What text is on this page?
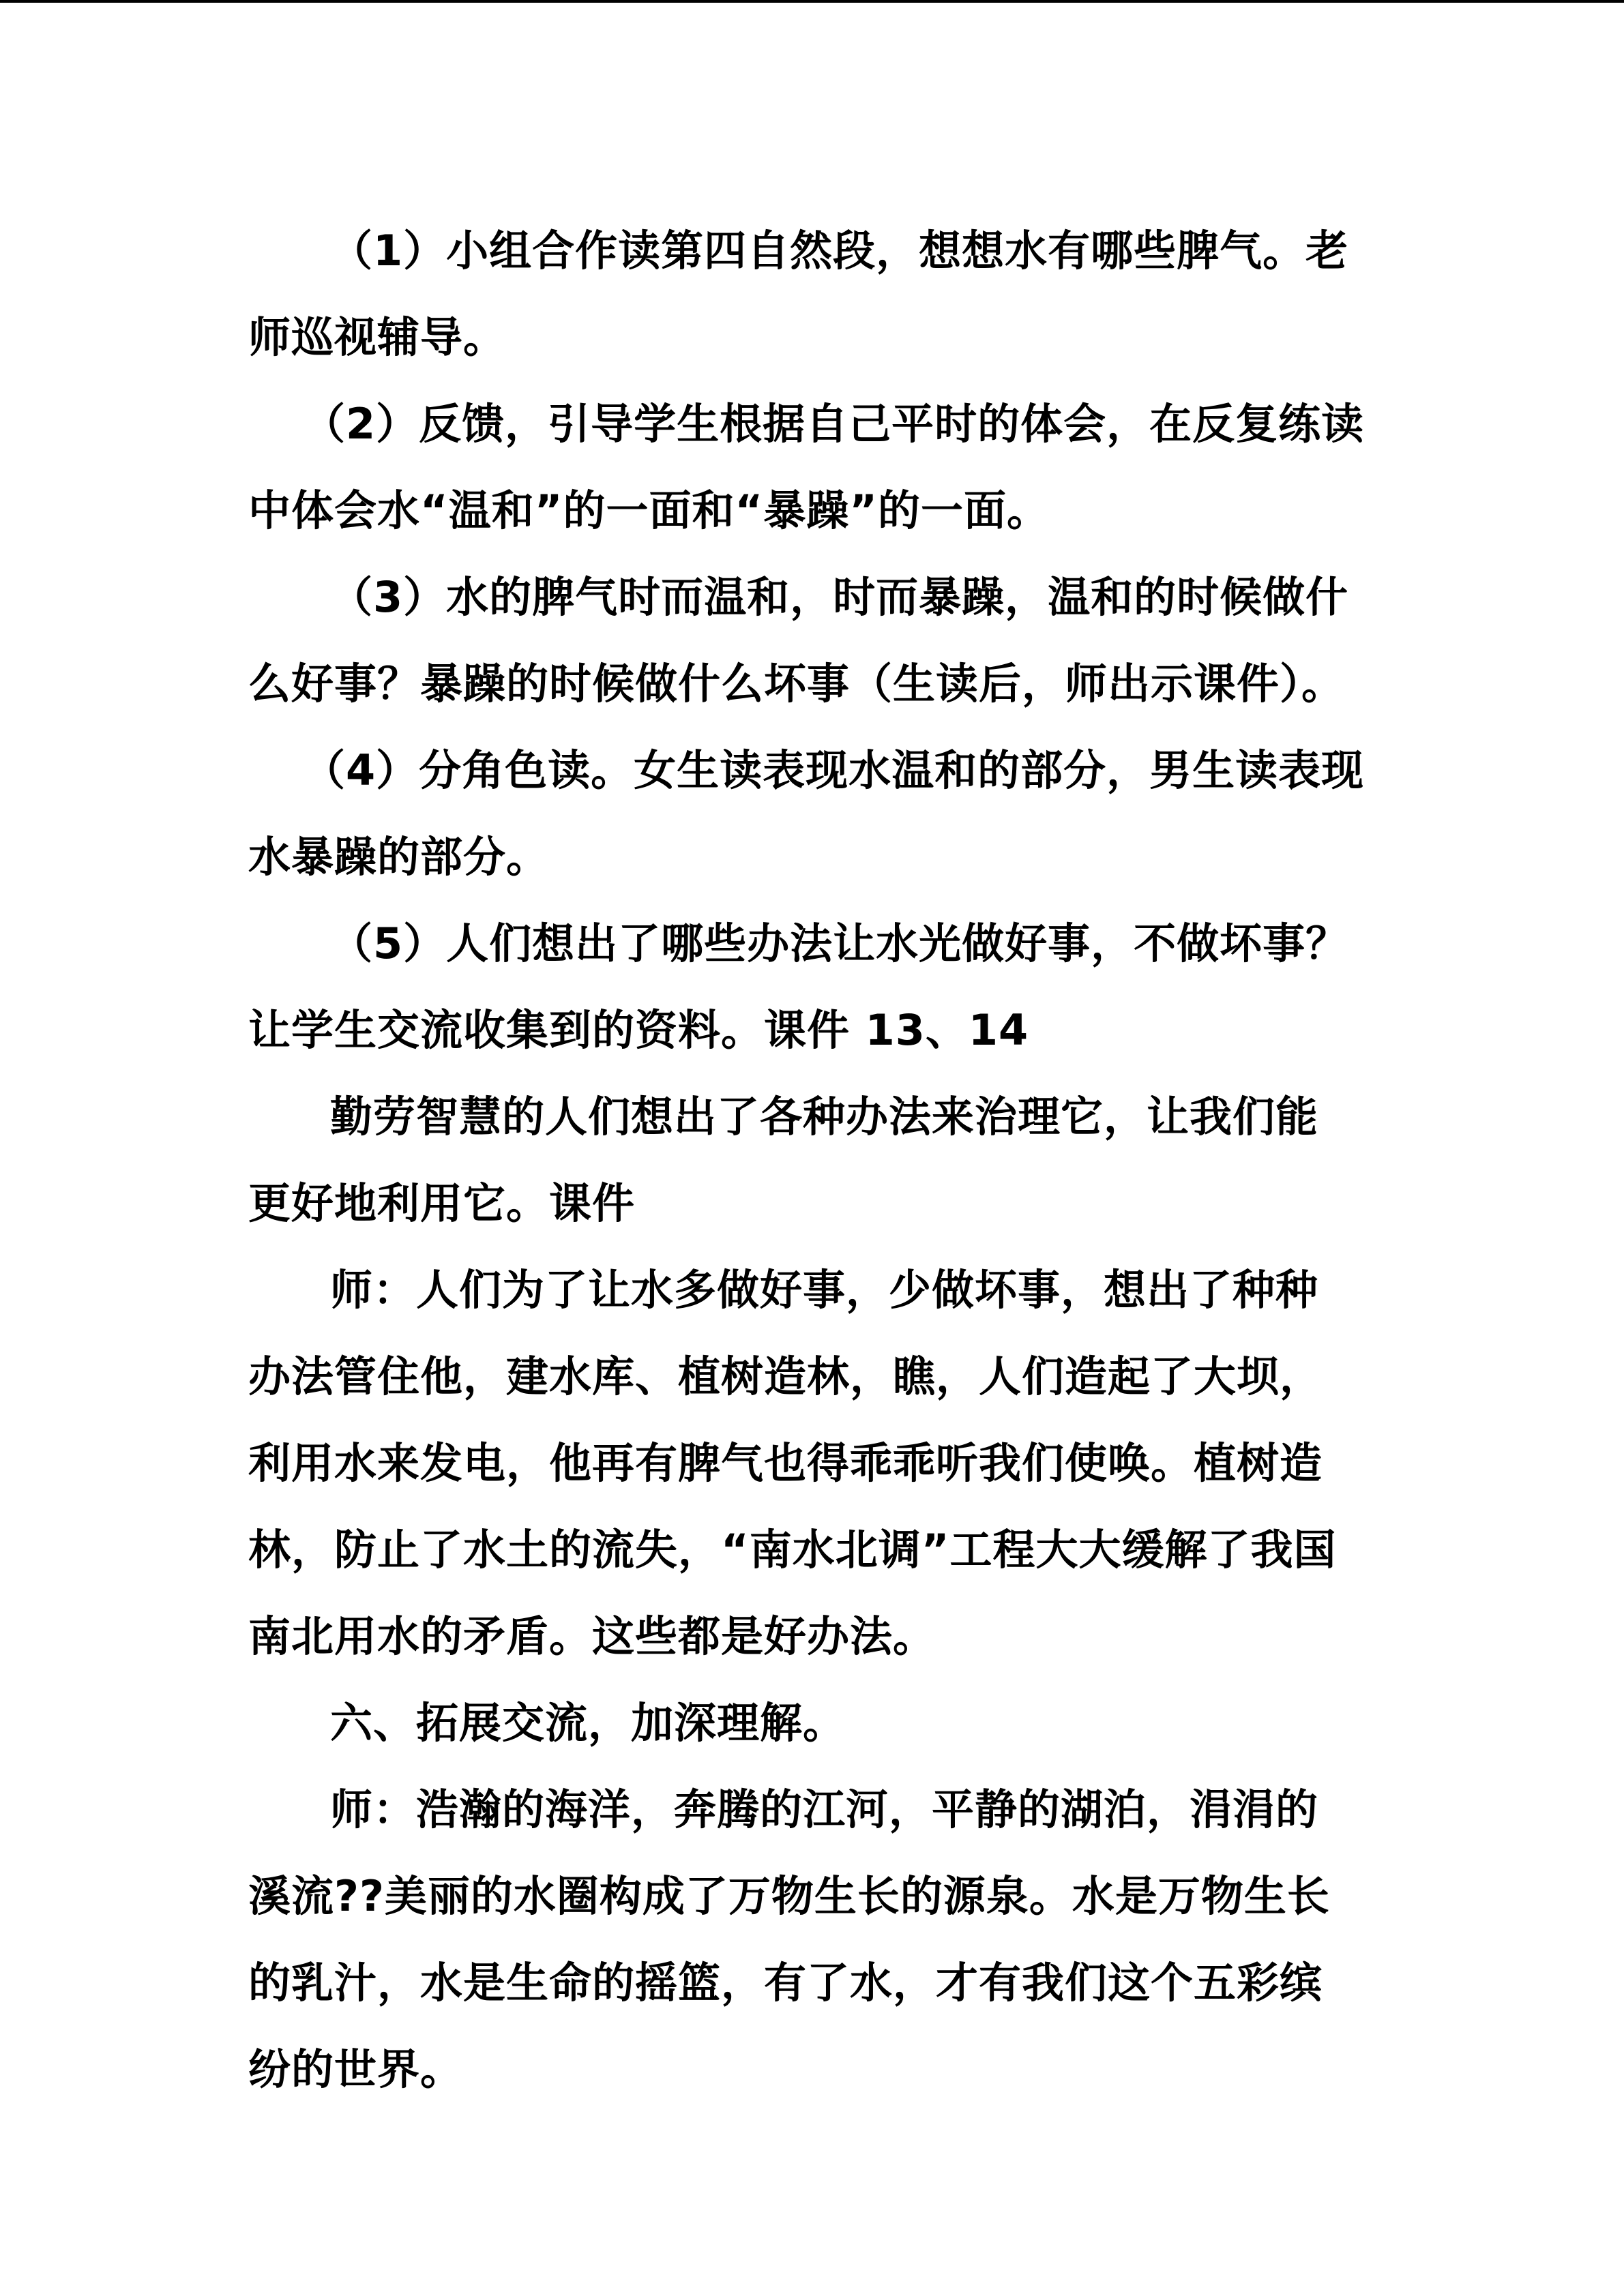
（1）小组合作读第四自然段，想想水有哪些脾气。老
师巡视辅导。
（2）反馈，引导学生根据自己平时的体会，在反复练读
中体会水“温和”的一面和“暴躁”的一面。
（3）水的脾气时而温和，时而暴躁，温和的时候做什
么好事？暴躁的时候做什么坏事（生读后，师出示课件）。
（4）分角色读。女生读表现水温和的部分，男生读表现
水暴躁的部分。
（5）人们想出了哪些办法让水光做好事，不做坏事？
让学生交流收集到的资料。课件 13、14
勤劳智慧的人们想出了各种办法来治理它，让我们能
更好地利用它。课件
师：人们为了让水多做好事，少做坏事，想出了种种
办法管住他，建水库、植树造林，瞧，人们造起了大坝，
利用水来发电，他再有脾气也得乖乖听我们使唤。植树造
林，防止了水土的流失，“南水北调”工程大大缓解了我国
南北用水的矛盾。这些都是好办法。
六、拓展交流，加深理解。
师：浩瀚的海洋，奔腾的江河，平静的湖泊，涓涓的
溪流??美丽的水圈构成了万物生长的源泉。水是万物生长
的乳汁，水是生命的摇篮，有了水，才有我们这个五彩缤
纷的世界。
